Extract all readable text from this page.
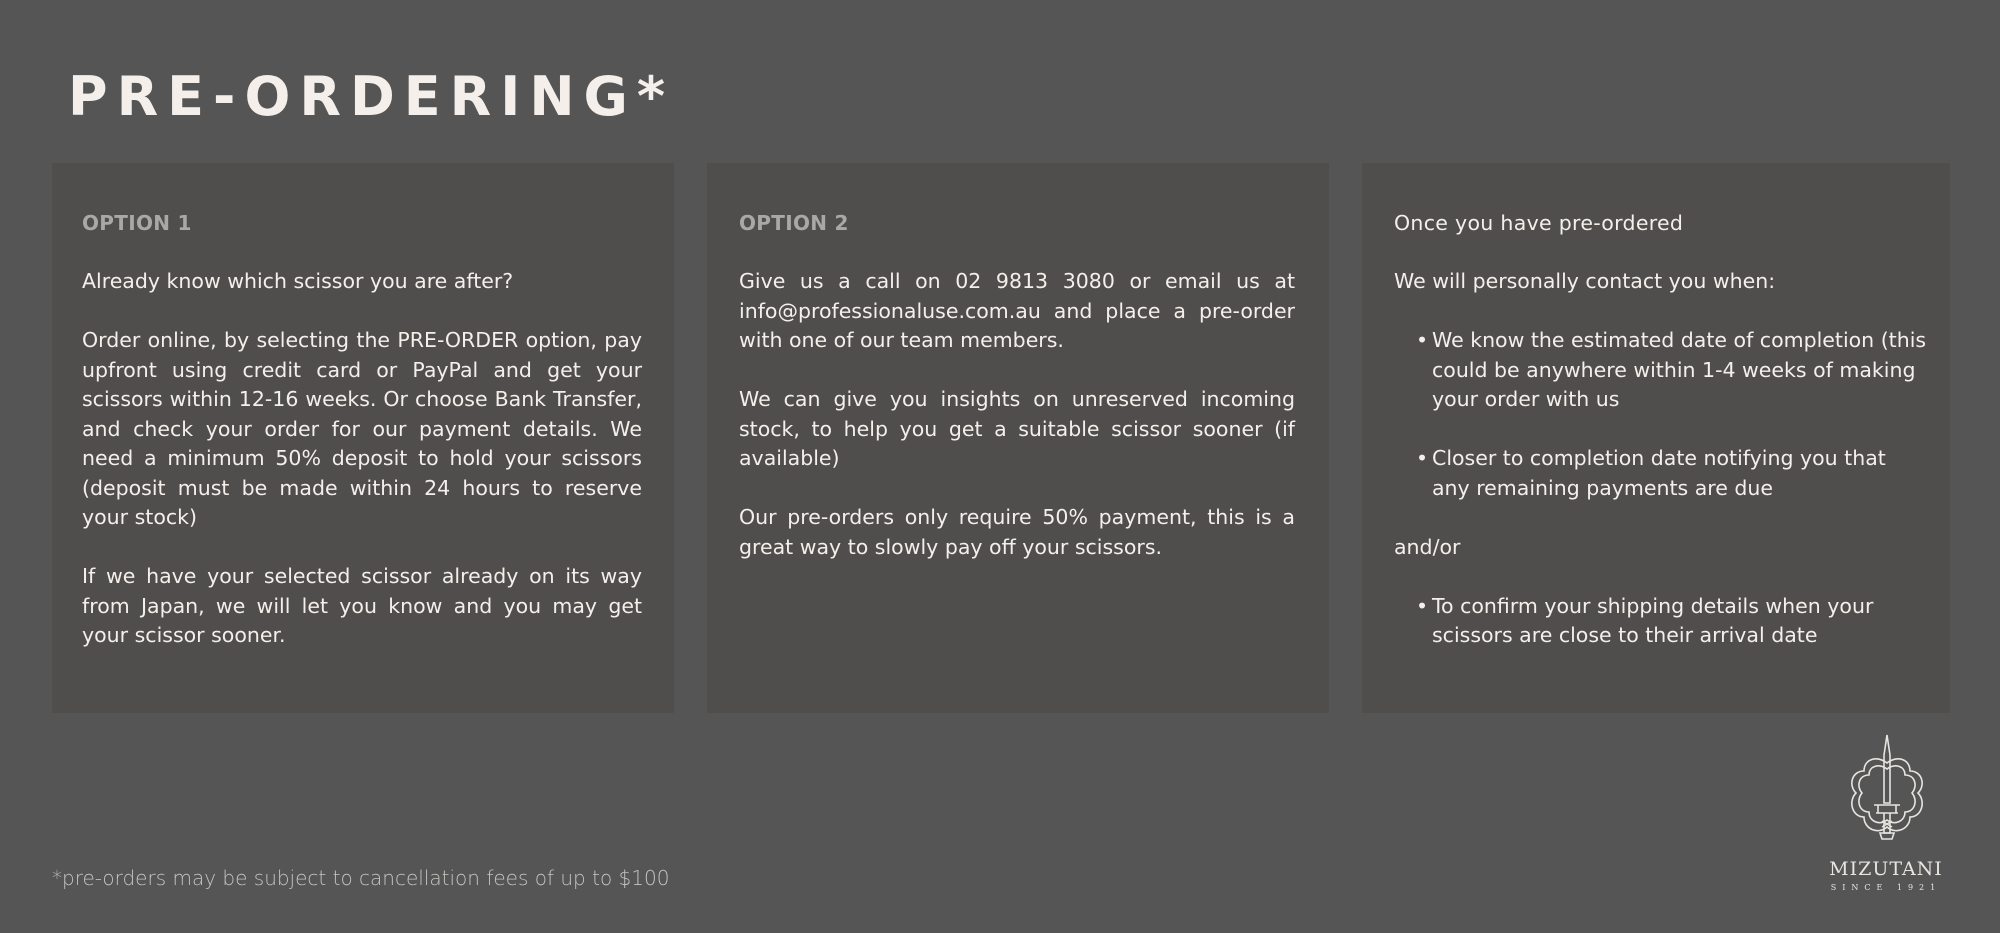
PRE-ORDERING*
OPTION 1

Already know which scissor you are after?

Order online, by selecting the PRE-ORDER option, pay upfront using credit card or PayPal and get your scissors within 12-16 weeks. Or choose Bank Transfer, and check your order for our payment details. We need a minimum 50% deposit to hold your scissors (deposit must be made within 24 hours to reserve your stock)

If we have your selected scissor already on its way from Japan, we will let you know and you may get your scissor sooner.

OPTION 2

Give us a call on 02 9813 3080 or email us at info@professionaluse.com.au and place a pre-order with one of our team members.

We can give you insights on unreserved incoming stock, to help you get a suitable scissor sooner (if available)

Our pre-orders only require 50% payment, this is a great way to slowly pay off your scissors.

Once you have pre-ordered

We will personally contact you when:

• We know the estimated date of completion (this could be anywhere within 1-4 weeks of making your order with us
• Closer to completion date notifying you that any remaining payments are due

and/or

• To confirm your shipping details when your scissors are close to their arrival date
*pre-orders may be subject to cancellation fees of up to $100	MIZUTANI
SINCE 1921
